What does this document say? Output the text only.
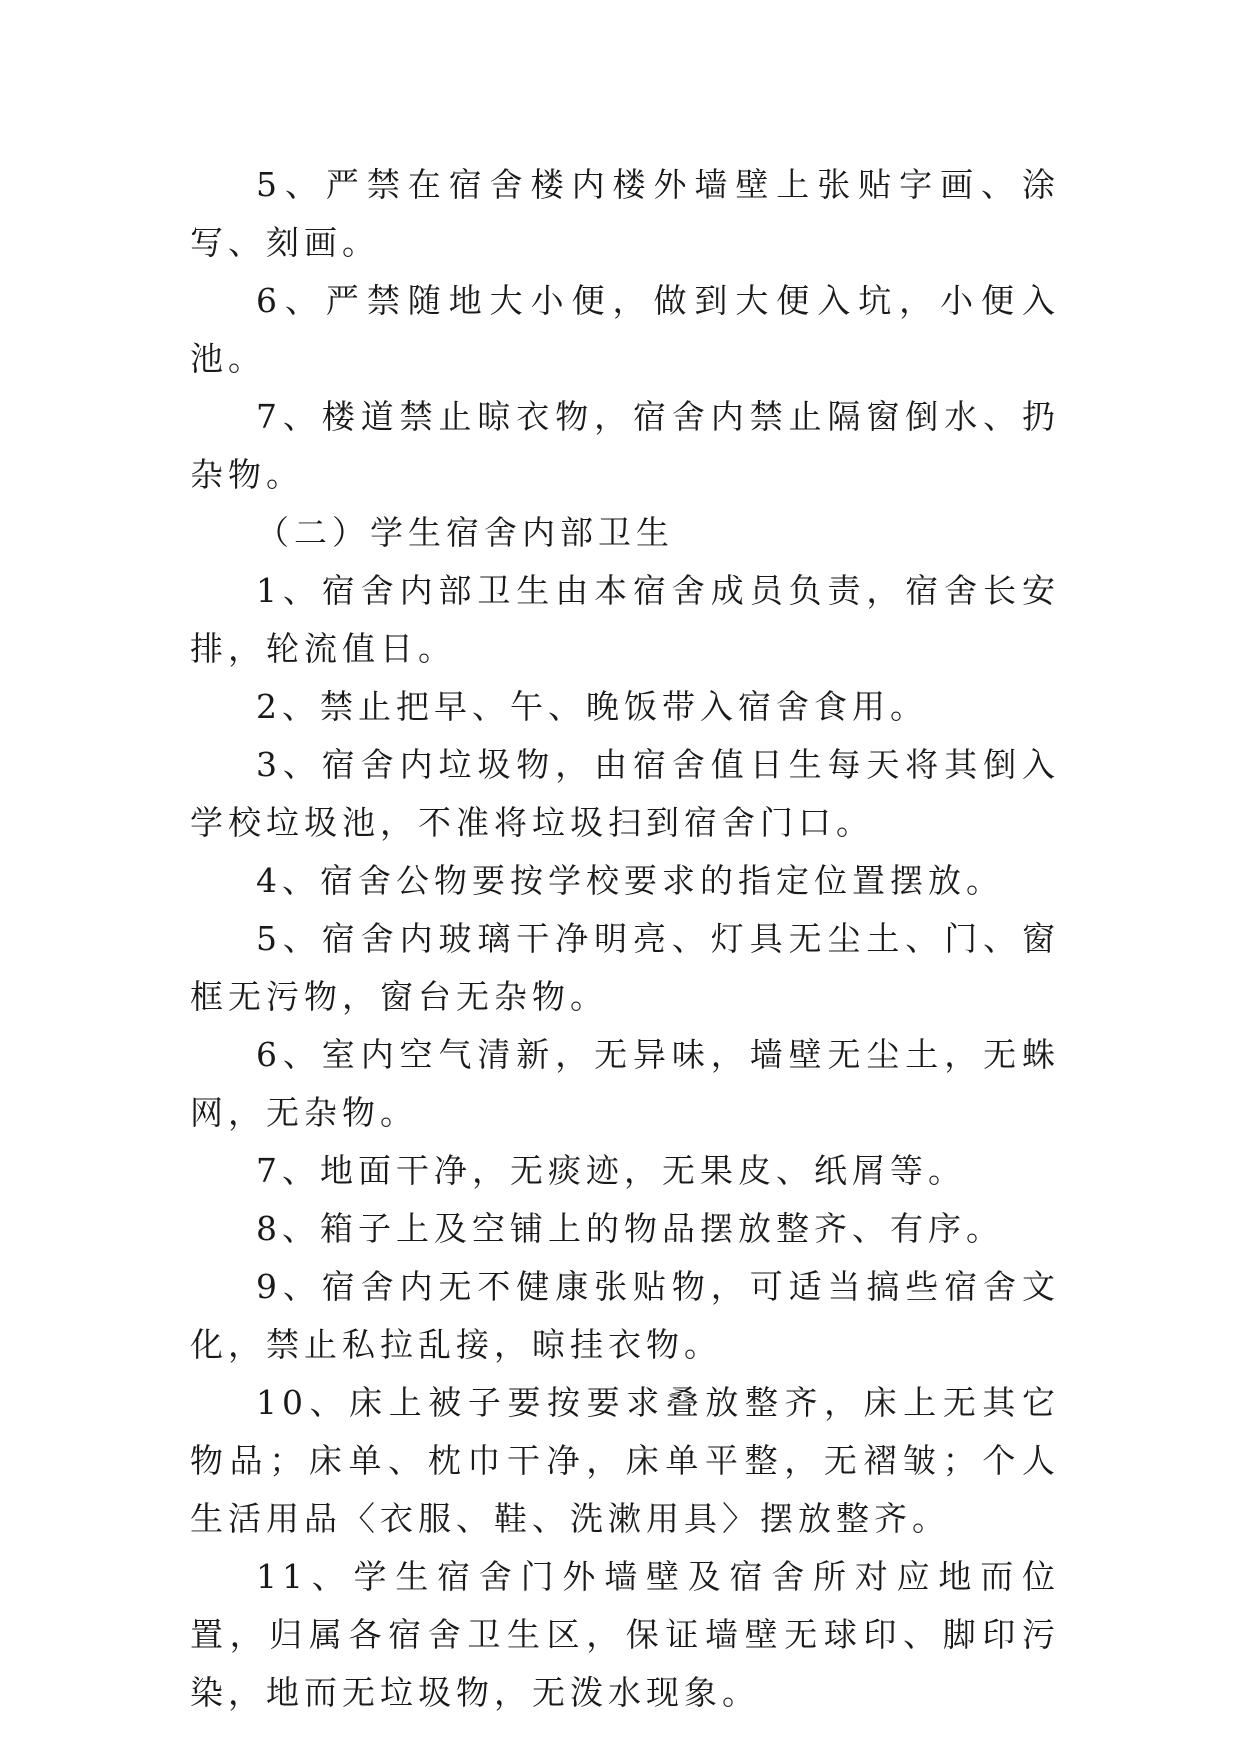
5、严禁在宿舍楼内楼外墙壁上张贴字画、涂写、刻画。

6、严禁随地大小便，做到大便入坑，小便入池。

7、楼道禁止晾衣物，宿舍内禁止隔窗倒水、扔杂物。

（二）学生宿舍内部卫生

1、宿舍内部卫生由本宿舍成员负责，宿舍长安排，轮流值日。

2、禁止把早、午、晚饭带入宿舍食用。

3、宿舍内垃圾物，由宿舍值日生每天将其倒入学校垃圾池，不准将垃圾扫到宿舍门口。

4、宿舍公物要按学校要求的指定位置摆放。

5、宿舍内玻璃干净明亮、灯具无尘土、门、窗框无污物，窗台无杂物。

6、室内空气清新，无异味，墙壁无尘土，无蛛网，无杂物。

7、地面干净，无痰迹，无果皮、纸屑等。

8、箱子上及空铺上的物品摆放整齐、有序。

9、宿舍内无不健康张贴物，可适当搞些宿舍文化，禁止私拉乱接，晾挂衣物。

10、床上被子要按要求叠放整齐，床上无其它物品；床单、枕巾干净，床单平整，无褶皱；个人生活用品〈衣服、鞋、洗漱用具〉摆放整齐。

11、学生宿舍门外墙壁及宿舍所对应地而位置，归属各宿舍卫生区，保证墙壁无球印、脚印污染，地而无垃圾物，无泼水现象。
